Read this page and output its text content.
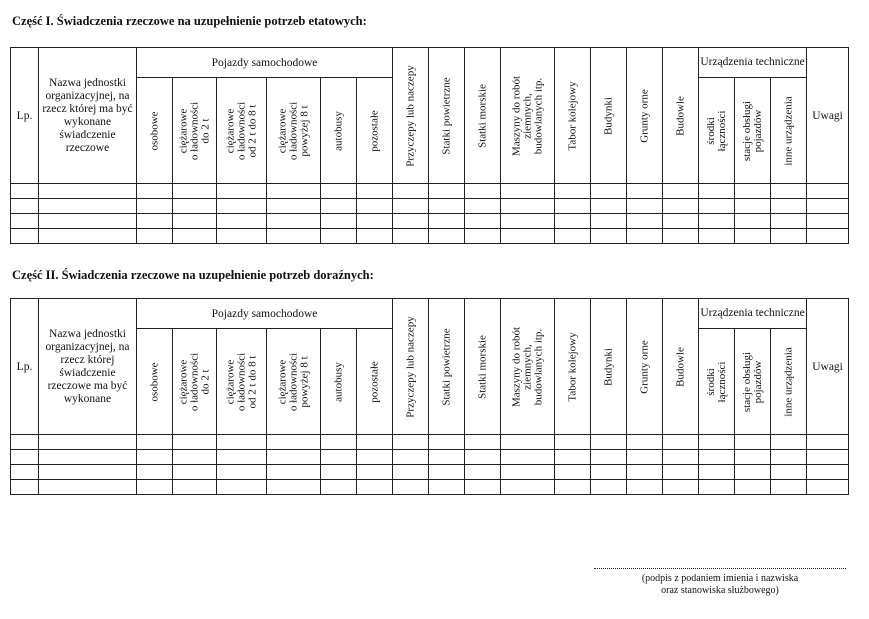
Część I. Świadczenia rzeczowe na uzupełnienie potrzeb etatowych:
Lp.	Nazwa jednostki organizacyjnej, na rzecz której ma być wykonane świadczenie rzeczowe	Pojazdy samochodowe						Przyczepy lub naczepy	Statki powietrzne	Statki morskie	Maszyny do robót
ziemnych,
budowlanych itp.	Tabor kolejowy	Budynki	Grunty orne	Budowle	Urządzenia techniczne			Uwagi

		osobowe	ciężarowe
o ładowności
do 2 t	ciężarowe
o ładowności
od 2 t do 8 t	ciężarowe
o ładowności
powyżej 8 t	autobusy	pozostałe									środki
łączności	stacje obsługi
pojazdów	inne urządzenia	

Część II. Świadczenia rzeczowe na uzupełnienie potrzeb doraźnych:
Lp.	Nazwa jednostki organizacyjnej, na rzecz której świadczenie rzeczowe ma być wykonane	Pojazdy samochodowe						Przyczepy lub naczepy	Statki powietrzne	Statki morskie	Maszyny do robót
ziemnych,
budowlanych itp.	Tabor kolejowy	Budynki	Grunty orne	Budowle	Urządzenia techniczne			Uwagi

		osobowe	ciężarowe
o ładowności
do 2 t	ciężarowe
o ładowności
od 2 t do 8 t	ciężarowe
o ładowności
powyżej 8 t	autobusy	pozostałe									środki
łączności	stacje obsługi
pojazdów	inne urządzenia	

(podpis z podaniem imienia i nazwiska
oraz stanowiska służbowego)
